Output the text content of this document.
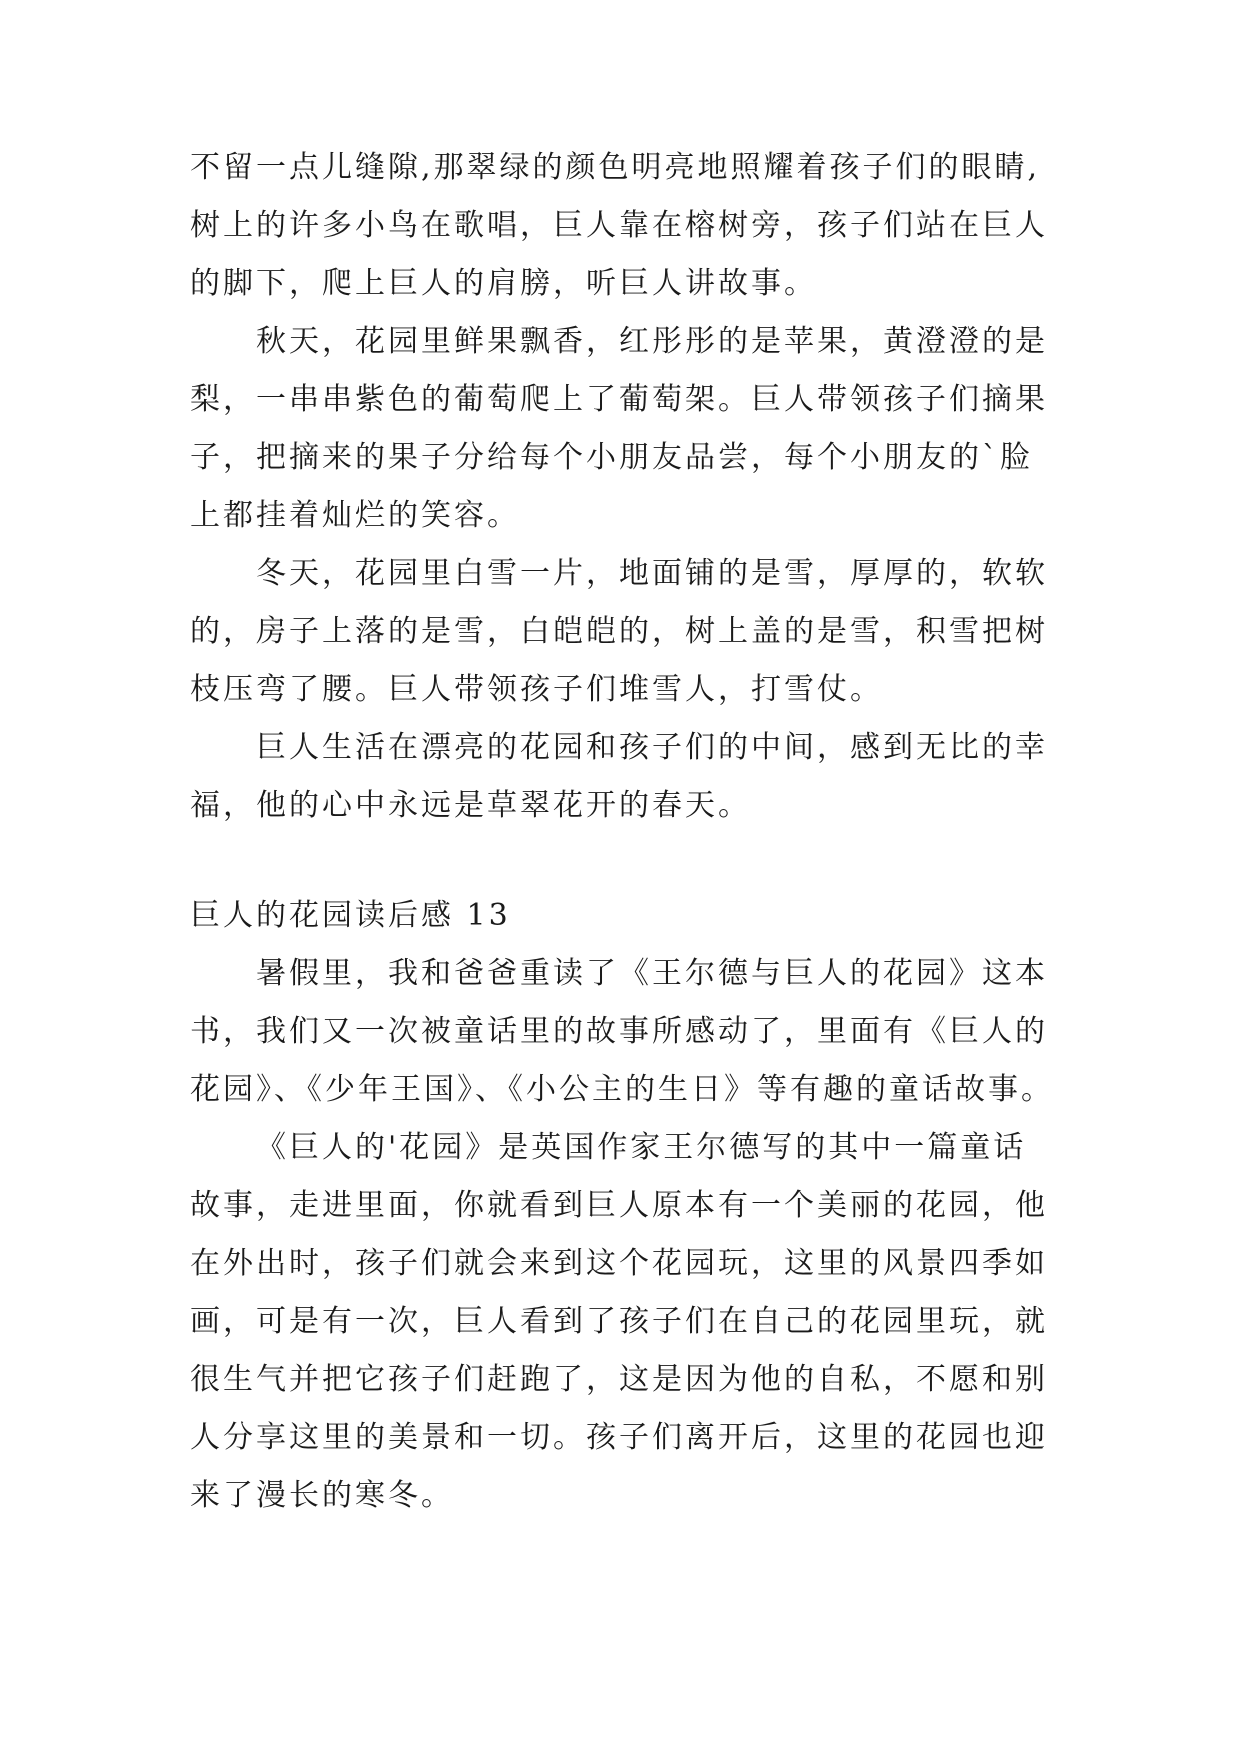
不留一点儿缝隙,那翠绿的颜色明亮地照耀着孩子们的眼睛,
树上的许多小鸟在歌唱，巨人靠在榕树旁，孩子们站在巨人
的脚下，爬上巨人的肩膀，听巨人讲故事。
秋天，花园里鲜果飘香，红彤彤的是苹果，黄澄澄的是
梨，一串串紫色的葡萄爬上了葡萄架。巨人带领孩子们摘果
子，把摘来的果子分给每个小朋友品尝，每个小朋友的`脸
上都挂着灿烂的笑容。
冬天，花园里白雪一片，地面铺的是雪，厚厚的，软软
的，房子上落的是雪，白皑皑的，树上盖的是雪，积雪把树
枝压弯了腰。巨人带领孩子们堆雪人，打雪仗。
巨人生活在漂亮的花园和孩子们的中间，感到无比的幸
福，他的心中永远是草翠花开的春天。
巨人的花园读后感 13
暑假里，我和爸爸重读了《王尔德与巨人的花园》这本
书，我们又一次被童话里的故事所感动了，里面有《巨人的
花园》、《少年王国》、《小公主的生日》等有趣的童话故事。
《巨人的'花园》是英国作家王尔德写的其中一篇童话
故事，走进里面，你就看到巨人原本有一个美丽的花园，他
在外出时，孩子们就会来到这个花园玩，这里的风景四季如
画，可是有一次，巨人看到了孩子们在自己的花园里玩，就
很生气并把它孩子们赶跑了，这是因为他的自私，不愿和别
人分享这里的美景和一切。孩子们离开后，这里的花园也迎
来了漫长的寒冬。
